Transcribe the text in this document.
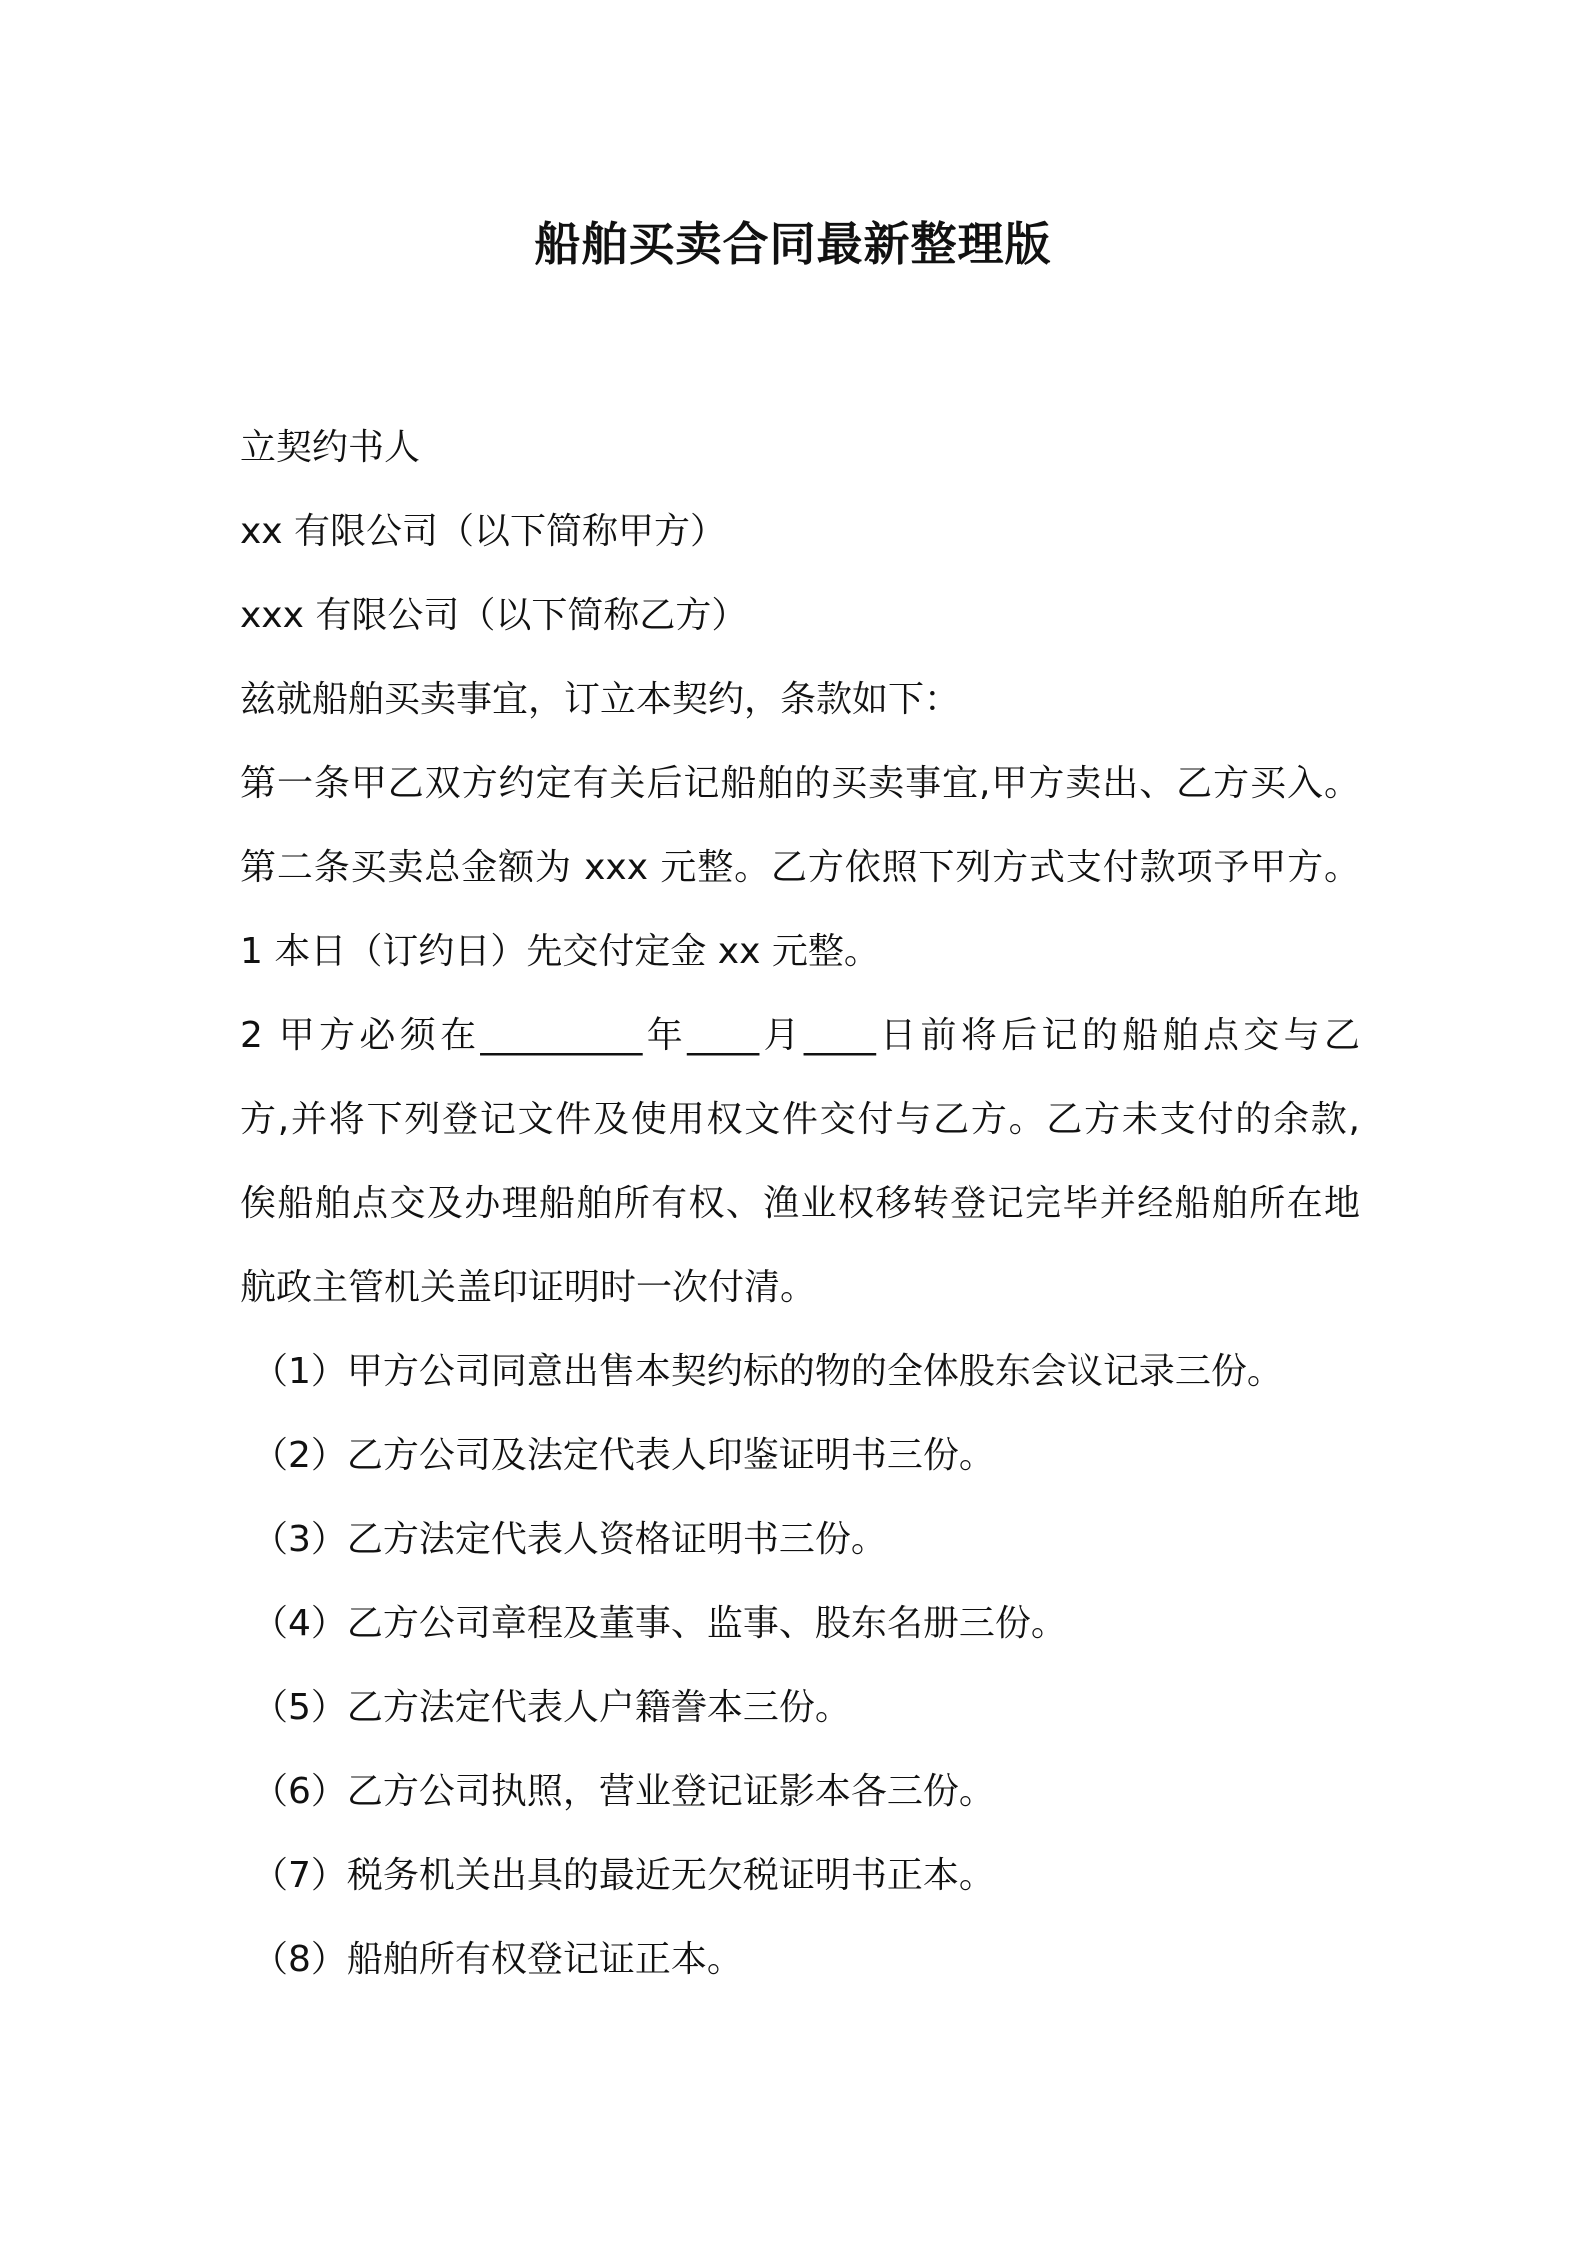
船舶买卖合同最新整理版
立契约书人
xx 有限公司（以下简称甲方）
xxx 有限公司（以下简称乙方）
兹就船舶买卖事宜，订立本契约，条款如下：
第一条甲乙双方约定有关后记船舶的买卖事宜,甲方卖出、乙方买入。
第二条买卖总金额为 xxx 元整。乙方依照下列方式支付款项予甲方。
1 本日（订约日）先交付定金 xx 元整。
2 甲方必须在_________年____月____日前将后记的船舶点交与乙
方,并将下列登记文件及使用权文件交付与乙方。乙方未支付的余款,
俟船舶点交及办理船舶所有权、渔业权移转登记完毕并经船舶所在地
航政主管机关盖印证明时一次付清。
（1）甲方公司同意出售本契约标的物的全体股东会议记录三份。
（2）乙方公司及法定代表人印鉴证明书三份。
（3）乙方法定代表人资格证明书三份。
（4）乙方公司章程及董事、监事、股东名册三份。
（5）乙方法定代表人户籍誊本三份。
（6）乙方公司执照，营业登记证影本各三份。
（7）税务机关出具的最近无欠税证明书正本。
（8）船舶所有权登记证正本。
